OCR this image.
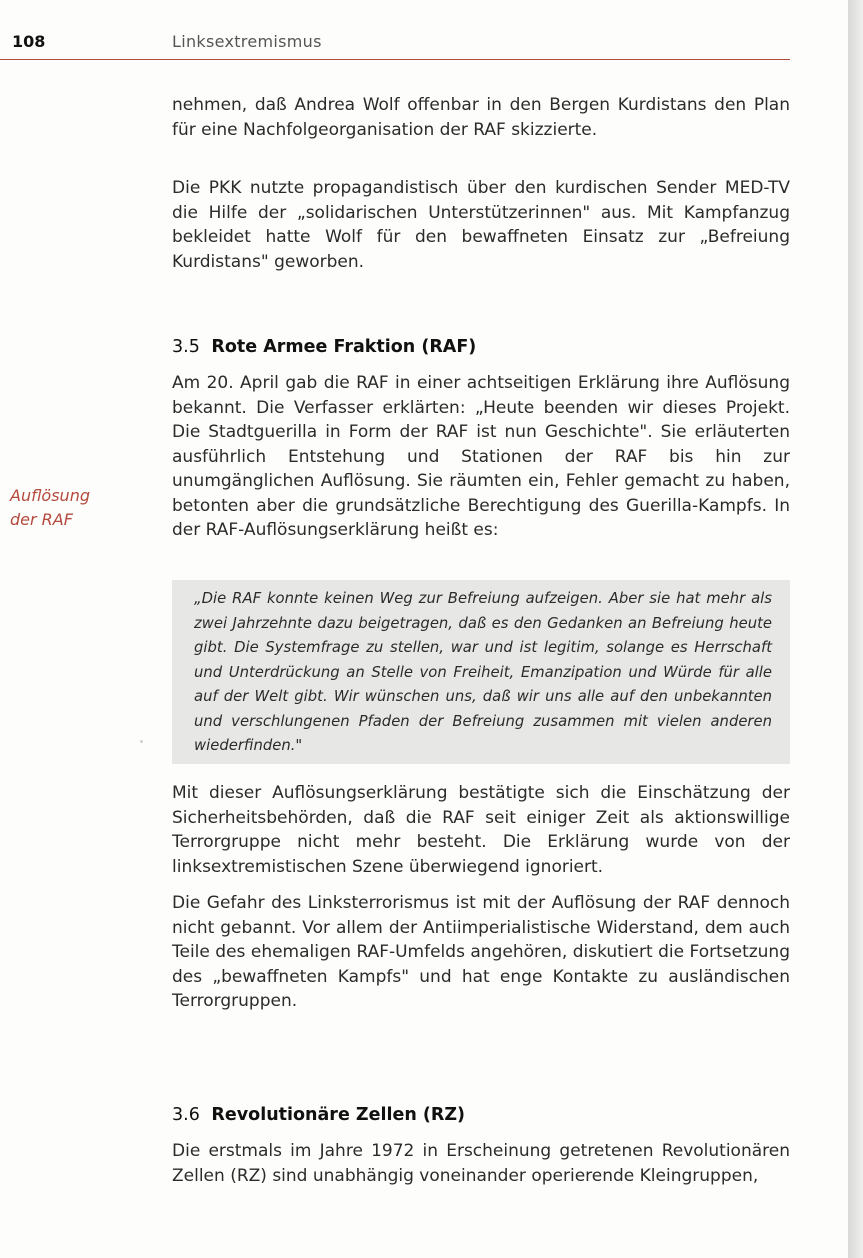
108	Linksextremismus

nehmen, daß Andrea Wolf offenbar in den Bergen Kurdistans den Plan für eine Nachfolgeorganisation der RAF skizzierte.

Die PKK nutzte propagandistisch über den kurdischen Sender MED-TV die Hilfe der „solidarischen Unterstützerinnen" aus. Mit Kampfanzug bekleidet hatte Wolf für den bewaffneten Einsatz zur „Befreiung Kurdistans" geworben.

3.5 Rote Armee Fraktion (RAF)

Am 20. April gab die RAF in einer achtseitigen Erklärung ihre Auflösung bekannt. Die Verfasser erklärten: „Heute beenden wir dieses Projekt. Die Stadtguerilla in Form der RAF ist nun Geschichte". Sie erläuterten ausführlich Entstehung und Stationen der RAF bis hin zur unumgänglichen Auflösung. Sie räumten ein, Fehler gemacht zu haben, betonten aber die grundsätzliche Berechtigung des Guerilla-Kampfs. In der RAF-Auflösungserklärung heißt es:

Auflösung
der RAF

„Die RAF konnte keinen Weg zur Befreiung aufzeigen. Aber sie hat mehr als zwei Jahrzehnte dazu beigetragen, daß es den Gedanken an Befreiung heute gibt. Die Systemfrage zu stellen, war und ist legitim, solange es Herrschaft und Unterdrückung an Stelle von Freiheit, Emanzipation und Würde für alle auf der Welt gibt. Wir wünschen uns, daß wir uns alle auf den unbekannten und verschlungenen Pfaden der Befreiung zusammen mit vielen anderen wiederfinden."

Mit dieser Auflösungserklärung bestätigte sich die Einschätzung der Sicherheitsbehörden, daß die RAF seit einiger Zeit als aktionswillige Terrorgruppe nicht mehr besteht. Die Erklärung wurde von der linksextremistischen Szene überwiegend ignoriert.

Die Gefahr des Linksterrorismus ist mit der Auflösung der RAF dennoch nicht gebannt. Vor allem der Antiimperialistische Widerstand, dem auch Teile des ehemaligen RAF-Umfelds angehören, diskutiert die Fortsetzung des „bewaffneten Kampfs" und hat enge Kontakte zu ausländischen Terrorgruppen.

3.6 Revolutionäre Zellen (RZ)

Die erstmals im Jahre 1972 in Erscheinung getretenen Revolutionären Zellen (RZ) sind unabhängig voneinander operierende Kleingruppen,
